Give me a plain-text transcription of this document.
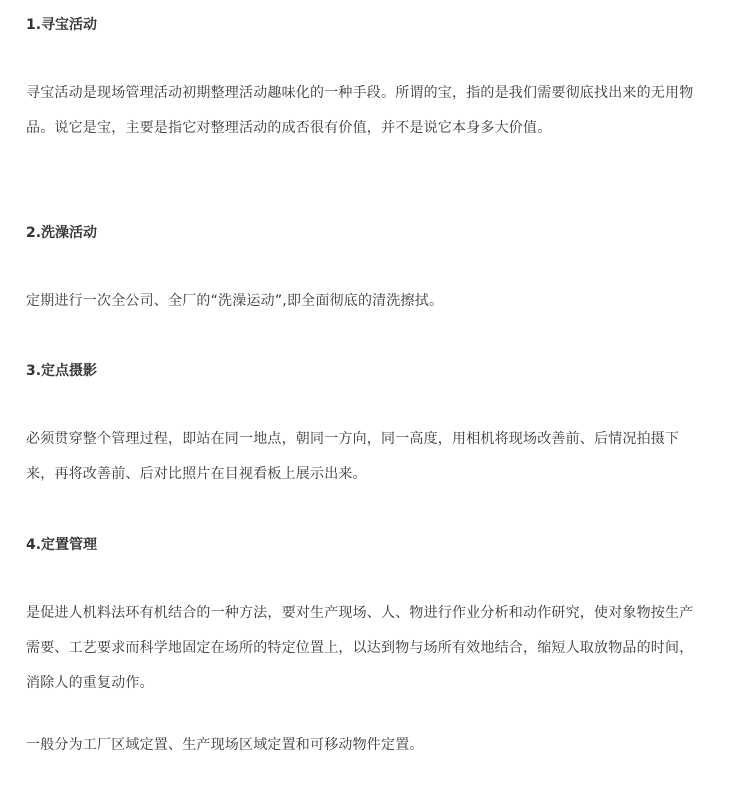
1.寻宝活动

寻宝活动是现场管理活动初期整理活动趣味化的一种手段。所谓的宝，指的是我们需要彻底找出来的无用物品。说它是宝，主要是指它对整理活动的成否很有价值，并不是说它本身多大价值。

2.洗澡活动

定期进行一次全公司、全厂的“洗澡运动”,即全面彻底的清洗擦拭。

3.定点摄影

必须贯穿整个管理过程，即站在同一地点，朝同一方向，同一高度，用相机将现场改善前、后情况拍摄下来，再将改善前、后对比照片在目视看板上展示出来。

4.定置管理

是促进人机料法环有机结合的一种方法，要对生产现场、人、物进行作业分析和动作研究，使对象物按生产需要、工艺要求而科学地固定在场所的特定位置上，以达到物与场所有效地结合，缩短人取放物品的时间，消除人的重复动作。

一般分为工厂区域定置、生产现场区域定置和可移动物件定置。
